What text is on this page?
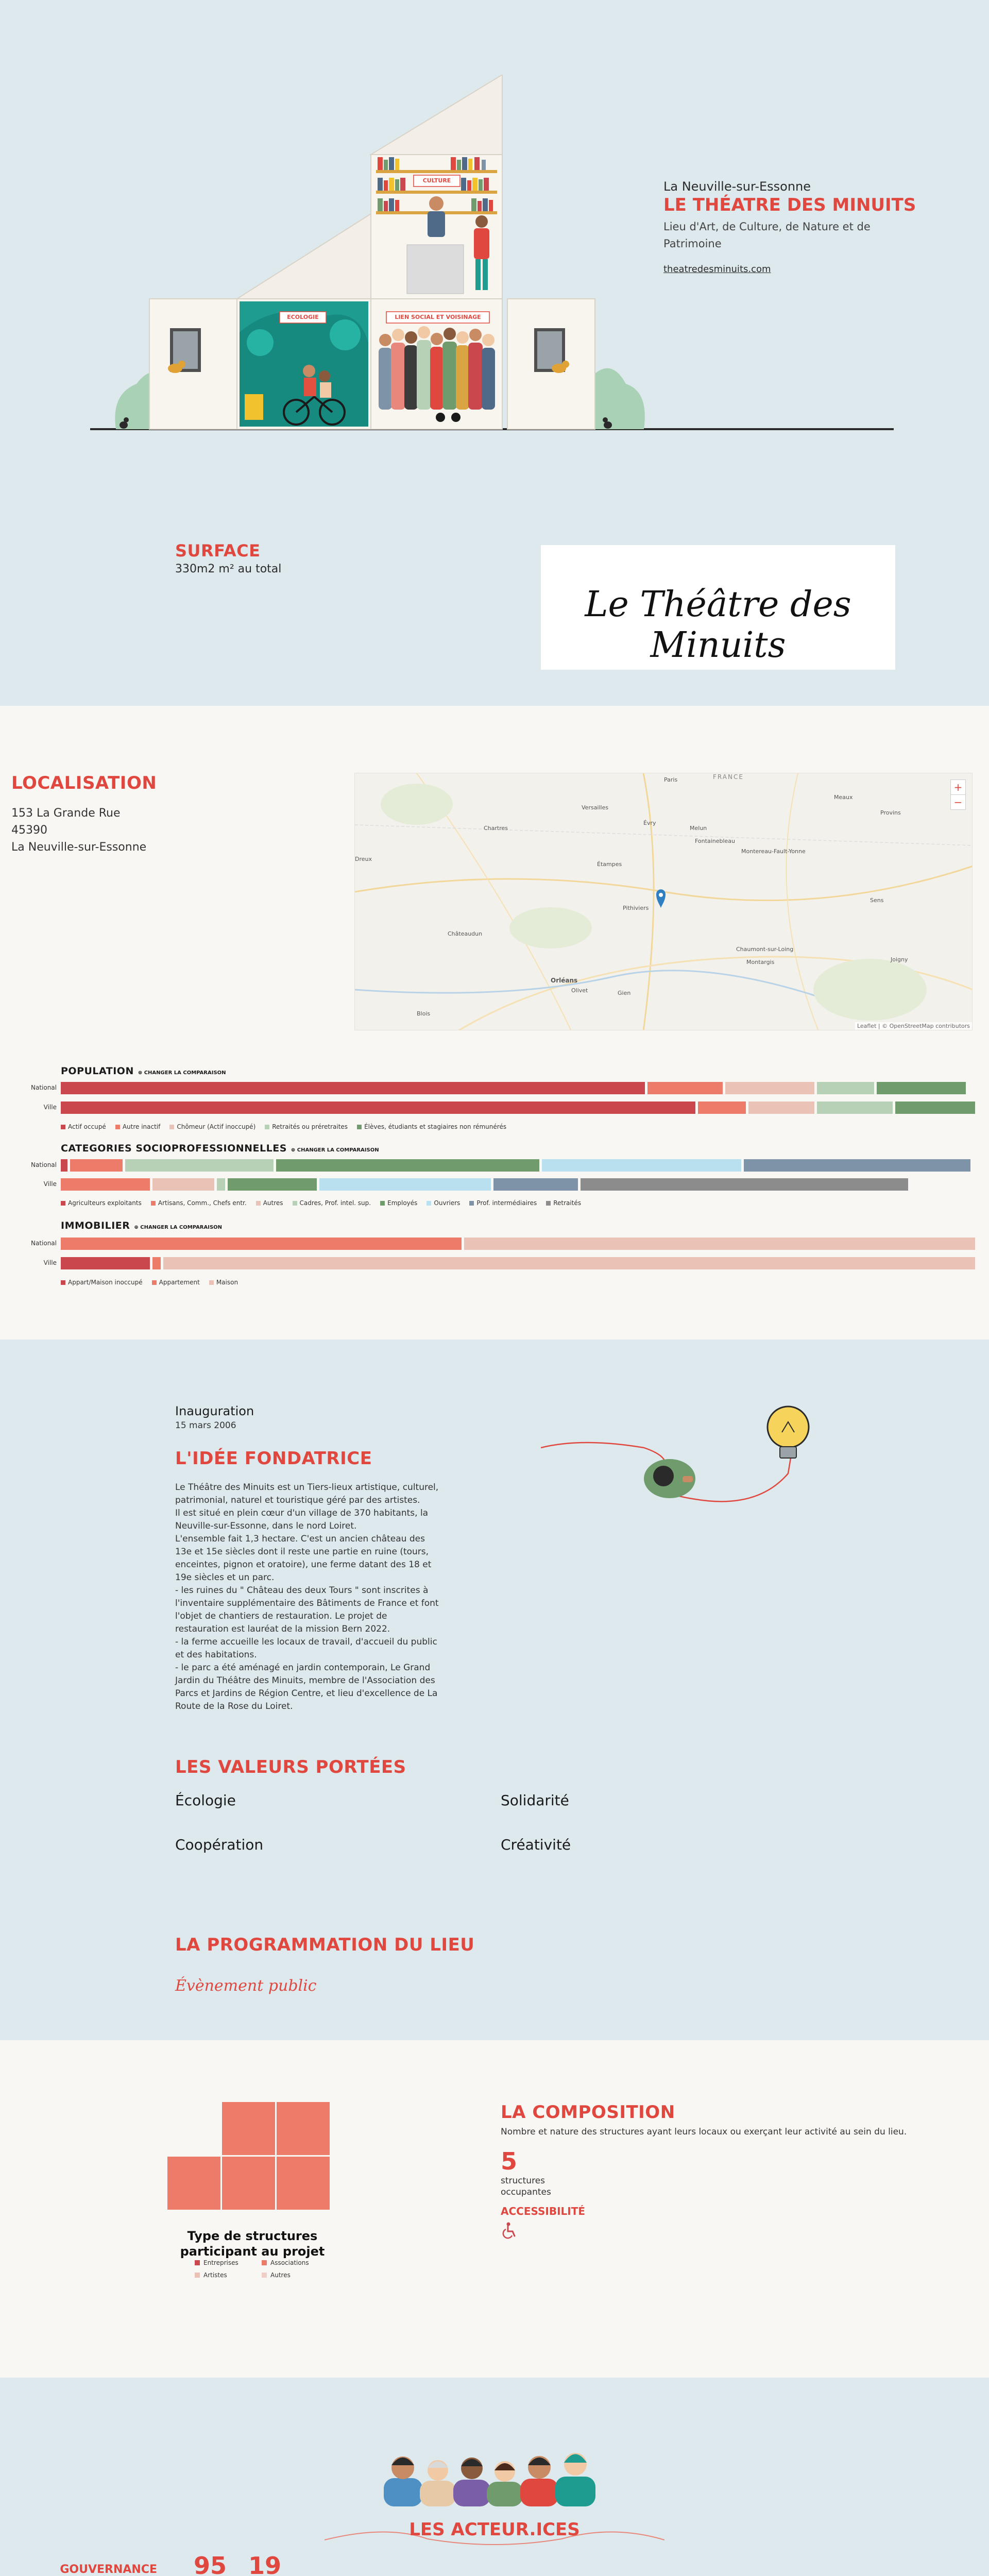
CULTURE
ECOLOGIE	LIEN SOCIAL ET VOISINAGE
La Neuville-sur-Essonne
LE THÉATRE DES MINUITS
Lieu d'Art, de Culture, de Nature et de Patrimoine
theatredesminuits.com
SURFACE
330m2 m² au total
Le Théâtre des Minuits
LOCALISATION
153 La Grande Rue
45390
La Neuville-sur-Essonne
FRANCE
Paris
Meaux
Versailles
Évry
Melun
Chartres
Étampes
Fontainebleau
Provins
Montereau-Fault-Yonne
Sens
Pithiviers
Montargis
Orléans
Joigny
Châteaudun
Dreux
Chaumont-sur-Loing
Blois
Gien
Olivet
+
−
Leaflet | © OpenStreetMap contributors
POPULATION ⊕ CHANGER LA COMPARAISON
National
Ville
Actif occupé	Autre inactif	Chômeur (Actif inoccupé)	Retraités ou préretraites	Élèves, étudiants et stagiaires non rémunérés
CATEGORIES SOCIOPROFESSIONNELLES ⊕ CHANGER LA COMPARAISON
National
Ville
Agriculteurs exploitants	Artisans, Comm., Chefs entr.	Autres	Cadres, Prof. intel. sup.	Employés	Ouvriers	Prof. intermédiaires	Retraités
IMMOBILIER ⊕ CHANGER LA COMPARAISON
National
Ville
Appart/Maison inoccupé	Appartement	Maison
Inauguration
15 mars 2006
L'IDÉE FONDATRICE
Le Théâtre des Minuits est un Tiers-lieux artistique, culturel, patrimonial, naturel et touristique géré par des artistes.
Il est situé en plein cœur d'un village de 370 habitants, la Neuville-sur-Essonne, dans le nord Loiret.
L'ensemble fait 1,3 hectare. C'est un ancien château des 13e et 15e siècles dont il reste une partie en ruine (tours, enceintes, pignon et oratoire), une ferme datant des 18 et 19e siècles et un parc.
- les ruines du " Château des deux Tours " sont inscrites à l'inventaire supplémentaire des Bâtiments de France et font l'objet de chantiers de restauration. Le projet de restauration est lauréat de la mission Bern 2022.
- la ferme accueille les locaux de travail, d'accueil du public et des habitations.
- le parc a été aménagé en jardin contemporain, Le Grand Jardin du Théâtre des Minuits, membre de l'Association des Parcs et Jardins de Région Centre, et lieu d'excellence de La Route de la Rose du Loiret.
LES VALEURS PORTÉES
Écologie	Solidarité
Coopération	Créativité
LA PROGRAMMATION DU LIEU
Évènement public
Type de structures participant au projet
Entreprises	Associations
Artistes	Autres
LA COMPOSITION
Nombre et nature des structures ayant leurs locaux ou exerçant leur activité au sein du lieu.
5
structures
occupantes
ACCESSIBILITÉ
LES ACTEUR.ICES
GOUVERNANCE 95 19
